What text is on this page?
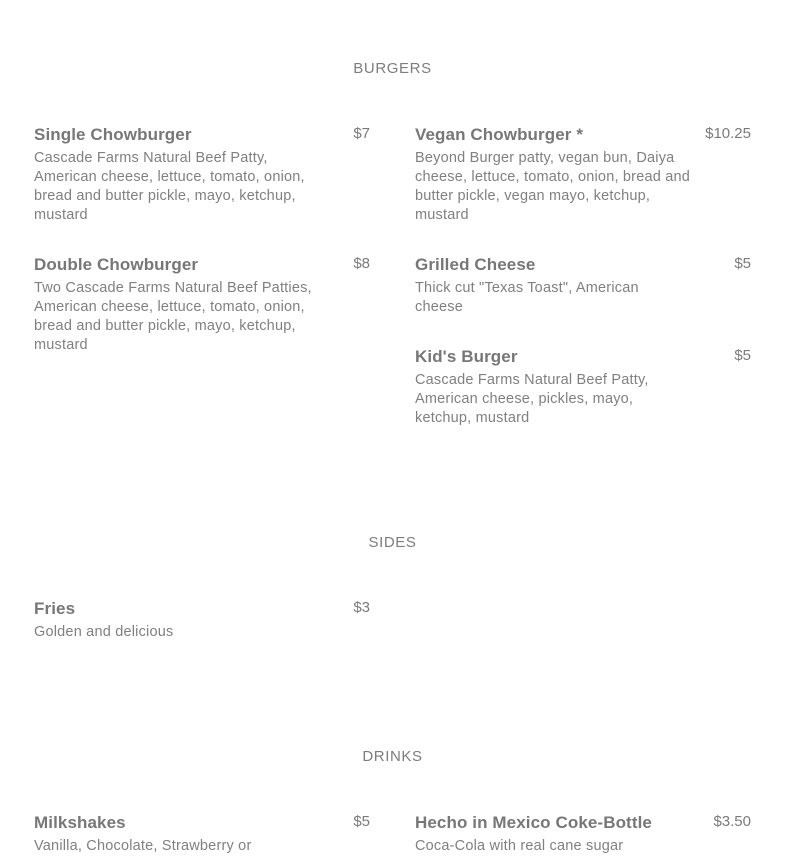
BURGERS
Single Chowburger	$7
Cascade Farms Natural Beef Patty, American cheese, lettuce, tomato, onion, bread and butter pickle, mayo, ketchup, mustard
Vegan Chowburger *	$10.25
Beyond Burger patty, vegan bun, Daiya cheese, lettuce, tomato, onion, bread and butter pickle, vegan mayo, ketchup, mustard
Double Chowburger	$8
Two Cascade Farms Natural Beef Patties, American cheese, lettuce, tomato, onion, bread and butter pickle, mayo, ketchup, mustard
Grilled Cheese	$5
Thick cut "Texas Toast", American cheese
Kid's Burger	$5
Cascade Farms Natural Beef Patty, American cheese, pickles, mayo, ketchup, mustard
SIDES
Fries	$3
Golden and delicious
DRINKS
Milkshakes	$5
Vanilla, Chocolate, Strawberry or
Hecho in Mexico Coke-Bottle	$3.50
Coca-Cola with real cane sugar
